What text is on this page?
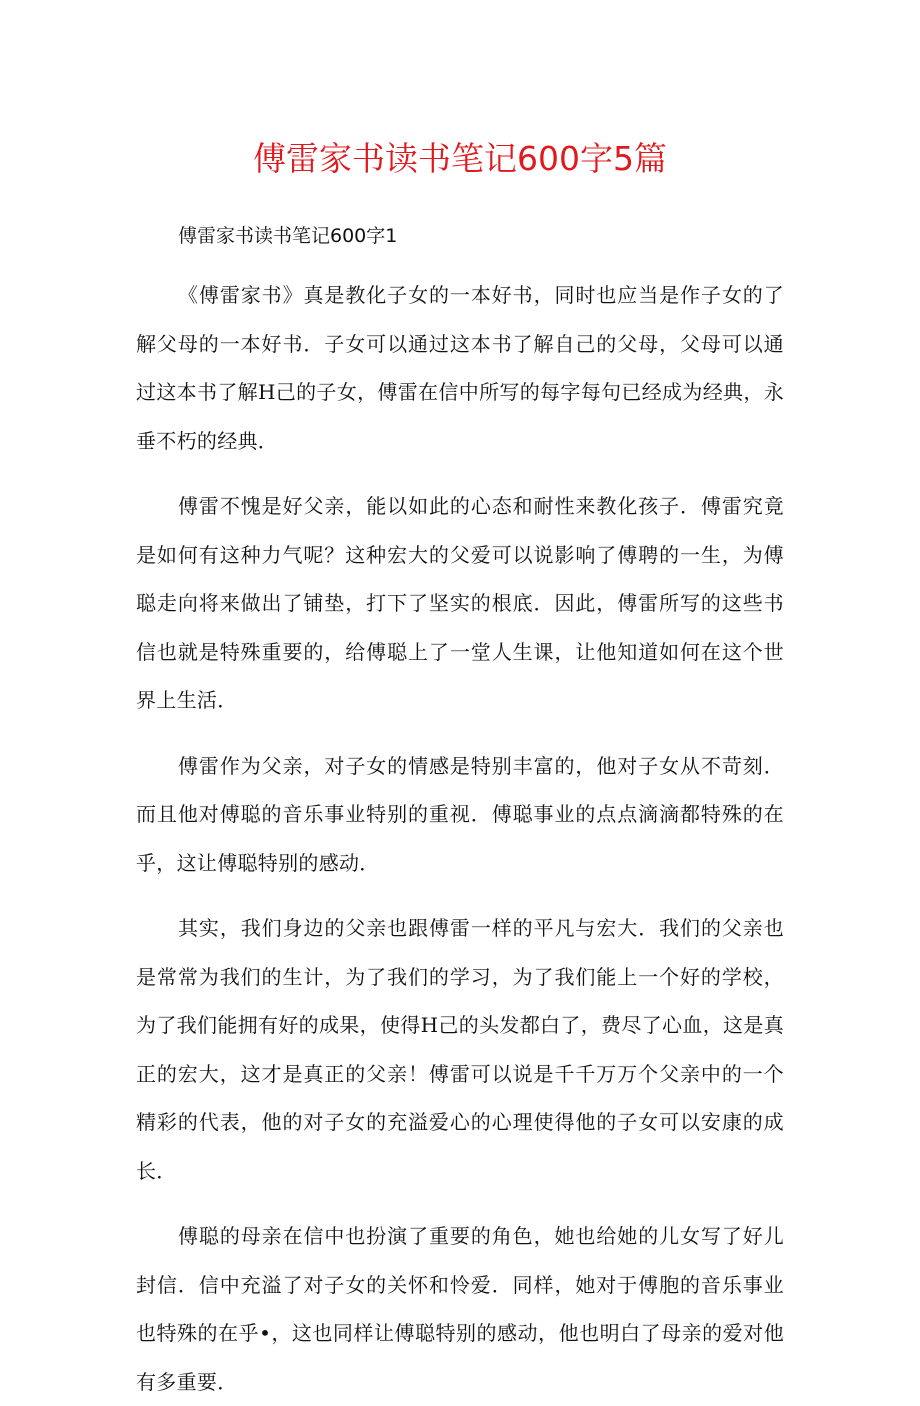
傅雷家书读书笔记600字5篇

傅雷家书读书笔记600字1

《傅雷家书》真是教化子女的一本好书，同时也应当是作子女的了解父母的一本好书．子女可以通过这本书了解自己的父母，父母可以通过这本书了解H己的子女，傅雷在信中所写的每字每句已经成为经典，永垂不朽的经典．

傅雷不愧是好父亲，能以如此的心态和耐性来教化孩子．傅雷究竟是如何有这种力气呢？这种宏大的父爱可以说影响了傅聘的一生，为傅聪走向将来做出了铺垫，打下了坚实的根底．因此，傅雷所写的这些书信也就是特殊重要的，给傅聪上了一堂人生课，让他知道如何在这个世界上生活．

傅雷作为父亲，对子女的情感是特别丰富的，他对子女从不苛刻．而且他对傅聪的音乐事业特别的重视．傅聪事业的点点滴滴都特殊的在乎，这让傅聪特别的感动．

其实，我们身边的父亲也跟傅雷一样的平凡与宏大．我们的父亲也是常常为我们的生计，为了我们的学习，为了我们能上一个好的学校，为了我们能拥有好的成果，使得H己的头发都白了，费尽了心血，这是真正的宏大，这才是真正的父亲！傅雷可以说是千千万万个父亲中的一个精彩的代表，他的对子女的充溢爱心的心理使得他的子女可以安康的成长．

傅聪的母亲在信中也扮演了重要的角色，她也给她的儿女写了好儿封信．信中充溢了对子女的关怀和怜爱．同样，她对于傅胞的音乐事业也特殊的在乎•，这也同样让傅聪特别的感动，他也明白了母亲的爱对他有多重要．
